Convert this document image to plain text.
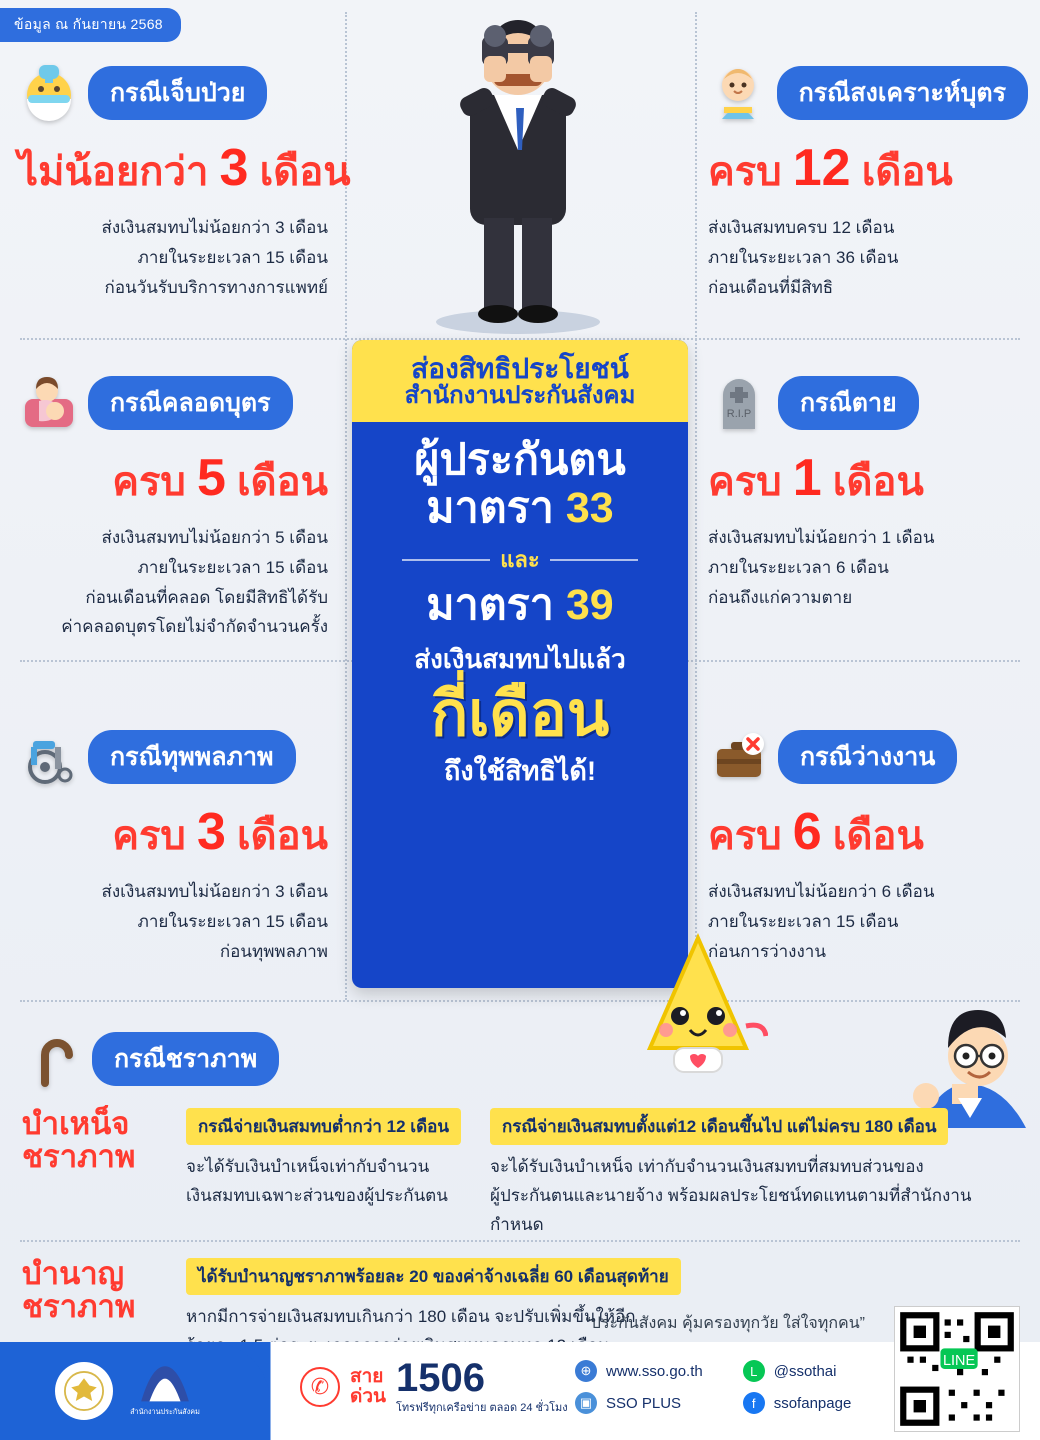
ข้อมูล ณ กันยายน 2568
กรณีเจ็บป่วย
ไม่น้อยกว่า 3 เดือน
ส่งเงินสมทบไม่น้อยกว่า 3 เดือน
ภายในระยะเวลา 15 เดือน
ก่อนวันรับบริการทางการแพทย์
กรณีสงเคราะห์บุตร
ครบ 12 เดือน
ส่งเงินสมทบครบ 12 เดือน
ภายในระยะเวลา 36 เดือน
ก่อนเดือนที่มีสิทธิ
กรณีคลอดบุตร
ครบ 5 เดือน
ส่งเงินสมทบไม่น้อยกว่า 5 เดือน
ภายในระยะเวลา 15 เดือน
ก่อนเดือนที่คลอด โดยมีสิทธิได้รับ
ค่าคลอดบุตรโดยไม่จำกัดจำนวนครั้ง
R.I.P	กรณีตาย
ครบ 1 เดือน
ส่งเงินสมทบไม่น้อยกว่า 1 เดือน
ภายในระยะเวลา 6 เดือน
ก่อนถึงแก่ความตาย
กรณีทุพพลภาพ
ครบ 3 เดือน
ส่งเงินสมทบไม่น้อยกว่า 3 เดือน
ภายในระยะเวลา 15 เดือน
ก่อนทุพพลภาพ
กรณีว่างงาน
ครบ 6 เดือน
ส่งเงินสมทบไม่น้อยกว่า 6 เดือน
ภายในระยะเวลา 15 เดือน
ก่อนการว่างงาน
ส่องสิทธิประโยชน์
สำนักงานประกันสังคม
ผู้ประกันตน
มาตรา 33
และ
มาตรา 39
ส่งเงินสมทบไปแล้ว
กี่เดือน
ถึงใช้สิทธิได้!
กรณีชราภาพ
บำเหน็จ
ชราภาพ
กรณีจ่ายเงินสมทบต่ำกว่า 12 เดือน
จะได้รับเงินบำเหน็จเท่ากับจำนวน
เงินสมทบเฉพาะส่วนของผู้ประกันตน
กรณีจ่ายเงินสมทบตั้งแต่12 เดือนขึ้นไป แต่ไม่ครบ 180 เดือน
จะได้รับเงินบำเหน็จ เท่ากับจำนวนเงินสมทบที่สมทบส่วนของ
ผู้ประกันตนและนายจ้าง พร้อมผลประโยชน์ทดแทนตามที่สำนักงานกำหนด
บำนาญ
ชราภาพ
ได้รับบำนาญชราภาพร้อยละ 20 ของค่าจ้างเฉลี่ย 60 เดือนสุดท้าย
หากมีการจ่ายเงินสมทบเกินกว่า 180 เดือน จะปรับเพิ่มขึ้นให้อีก
“ประกันสังคม คุ้มครองทุกวัย ใส่ใจทุกคน”
สำนักงานประกันสังคม
✆	สาย
ด่วน 1506
โทรฟรีทุกเครือข่าย ตลอด 24 ชั่วโมง
⊕ www.sso.go.th
▣ SSO PLUS
L	@ssothai
f	ssofanpage
LINE
